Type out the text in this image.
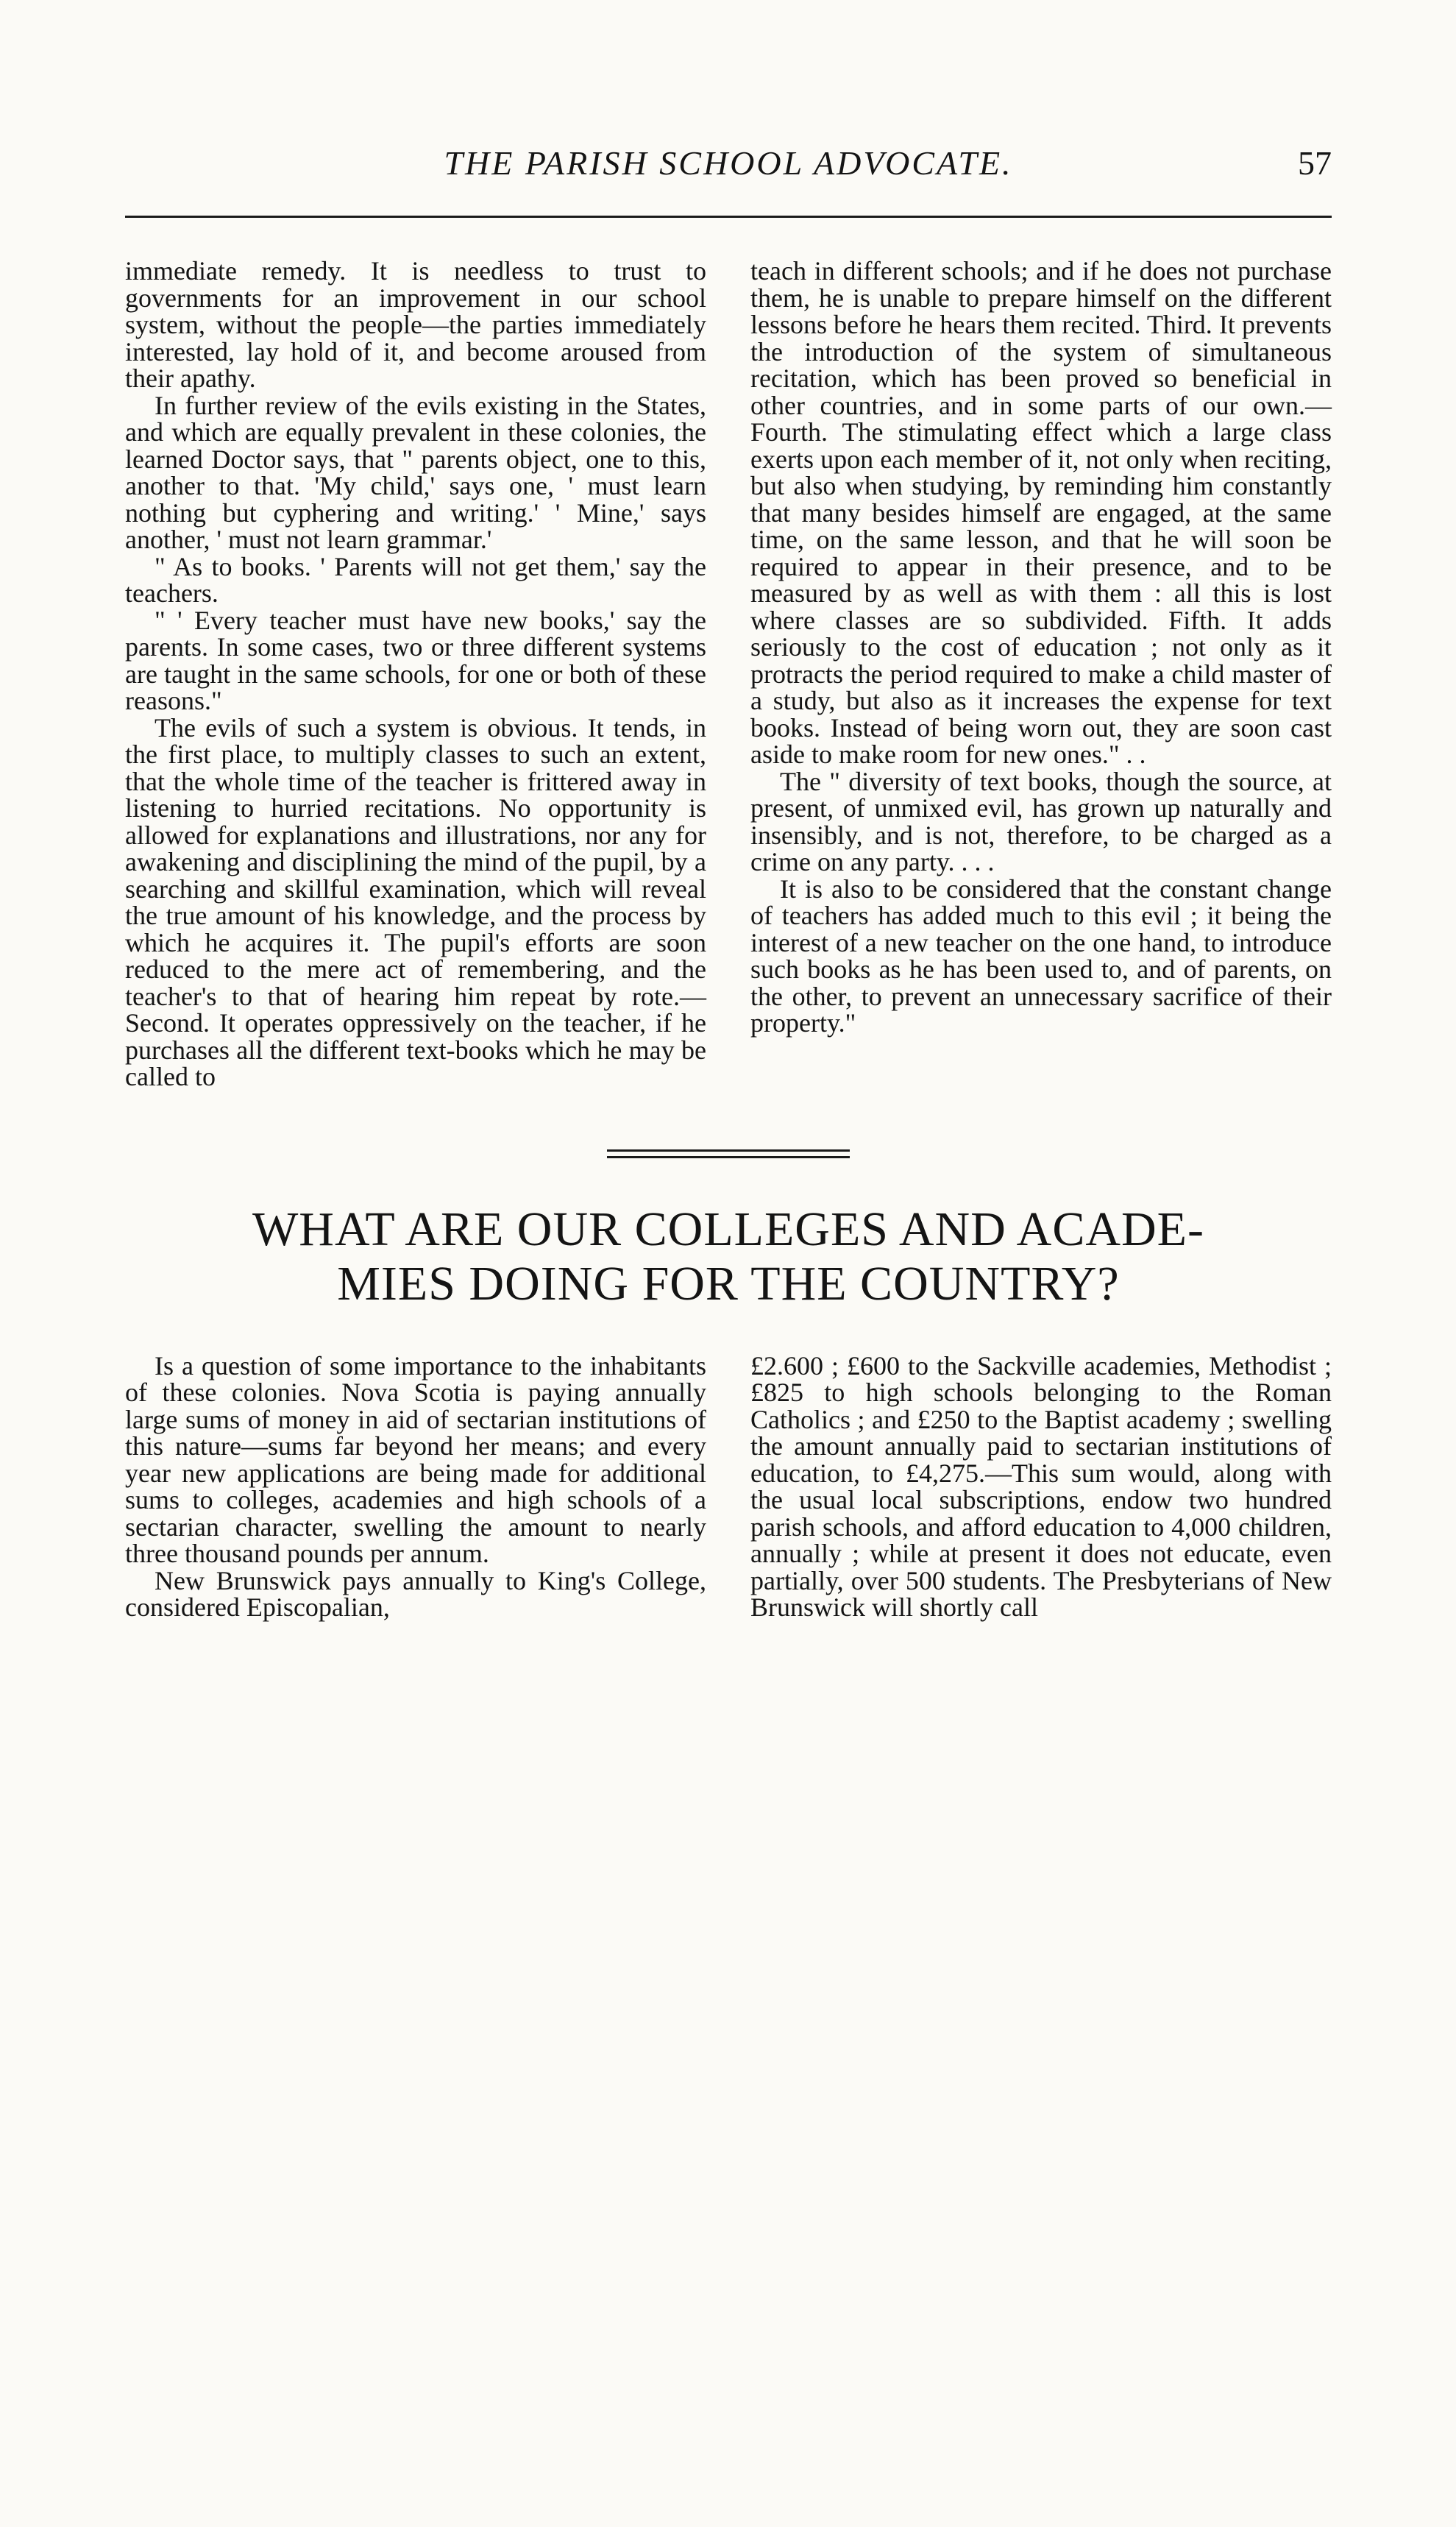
THE PARISH SCHOOL ADVOCATE.	57

immediate remedy. It is needless to trust to governments for an improvement in our school system, without the people—the parties immediately interested, lay hold of it, and become aroused from their apathy.

In further review of the evils existing in the States, and which are equally prevalent in these colonies, the learned Doctor says, that " parents object, one to this, another to that. 'My child,' says one, ' must learn nothing but cyphering and writing.' ' Mine,' says another, ' must not learn grammar.'

" As to books. ' Parents will not get them,' say the teachers.

" ' Every teacher must have new books,' say the parents. In some cases, two or three different systems are taught in the same schools, for one or both of these reasons."

The evils of such a system is obvious. It tends, in the first place, to multiply classes to such an extent, that the whole time of the teacher is frittered away in listening to hurried recitations. No opportunity is allowed for explanations and illustrations, nor any for awakening and disciplining the mind of the pupil, by a searching and skillful examination, which will reveal the true amount of his knowledge, and the process by which he acquires it. The pupil's efforts are soon reduced to the mere act of remembering, and the teacher's to that of hearing him repeat by rote.—Second. It operates oppressively on the teacher, if he purchases all the different text-books which he may be called to

teach in different schools; and if he does not purchase them, he is unable to prepare himself on the different lessons before he hears them recited. Third. It prevents the introduction of the system of simultaneous recitation, which has been proved so beneficial in other countries, and in some parts of our own.—Fourth. The stimulating effect which a large class exerts upon each member of it, not only when reciting, but also when studying, by reminding him constantly that many besides himself are engaged, at the same time, on the same lesson, and that he will soon be required to appear in their presence, and to be measured by as well as with them : all this is lost where classes are so subdivided. Fifth. It adds seriously to the cost of education ; not only as it protracts the period required to make a child master of a study, but also as it increases the expense for text books. Instead of being worn out, they are soon cast aside to make room for new ones." . .

The " diversity of text books, though the source, at present, of unmixed evil, has grown up naturally and insensibly, and is not, therefore, to be charged as a crime on any party. . . .

It is also to be considered that the constant change of teachers has added much to this evil ; it being the interest of a new teacher on the one hand, to introduce such books as he has been used to, and of parents, on the other, to prevent an unnecessary sacrifice of their property."

WHAT ARE OUR COLLEGES AND ACADE-
MIES DOING FOR THE COUNTRY?

Is a question of some importance to the inhabitants of these colonies. Nova Scotia is paying annually large sums of money in aid of sectarian institutions of this nature—sums far beyond her means; and every year new applications are being made for additional sums to colleges, academies and high schools of a sectarian character, swelling the amount to nearly three thousand pounds per annum.

New Brunswick pays annually to King's College, considered Episcopalian,

£2.600 ; £600 to the Sackville academies, Methodist ; £825 to high schools belonging to the Roman Catholics ; and £250 to the Baptist academy ; swelling the amount annually paid to sectarian institutions of education, to £4,275.—This sum would, along with the usual local subscriptions, endow two hundred parish schools, and afford education to 4,000 children, annually ; while at present it does not educate, even partially, over 500 students. The Presbyterians of New Brunswick will shortly call
